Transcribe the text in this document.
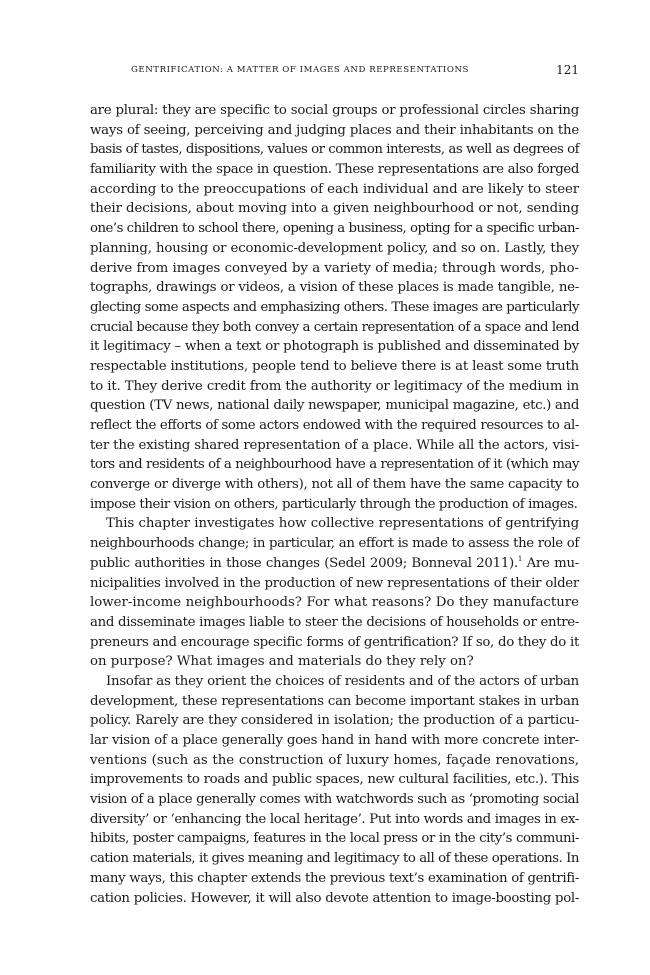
GENTRIFICATION: A MATTER OF IMAGES AND REPRESENTATIONS	121
are plural: they are specific to social groups or professional circles sharing
ways of seeing, perceiving and judging places and their inhabitants on the
basis of tastes, dispositions, values or common interests, as well as degrees of
familiarity with the space in question. These representations are also forged
according to the preoccupations of each individual and are likely to steer
their decisions, about moving into a given neighbourhood or not, sending
one’s children to school there, opening a business, opting for a specific urban-
planning, housing or economic-development policy, and so on. Lastly, they
derive from images conveyed by a variety of media; through words, pho-
tographs, drawings or videos, a vision of these places is made tangible, ne-
glecting some aspects and emphasizing others. These images are particularly
crucial because they both convey a certain representation of a space and lend
it legitimacy – when a text or photograph is published and disseminated by
respectable institutions, people tend to believe there is at least some truth
to it. They derive credit from the authority or legitimacy of the medium in
question (TV news, national daily newspaper, municipal magazine, etc.) and
reflect the efforts of some actors endowed with the required resources to al-
ter the existing shared representation of a place. While all the actors, visi-
tors and residents of a neighbourhood have a representation of it (which may
converge or diverge with others), not all of them have the same capacity to
impose their vision on others, particularly through the production of images.
This chapter investigates how collective representations of gentrifying
neighbourhoods change; in particular, an effort is made to assess the role of
public authorities in those changes (Sedel 2009; Bonneval 2011).$^1$ Are mu-
nicipalities involved in the production of new representations of their older
lower-income neighbourhoods? For what reasons? Do they manufacture
and disseminate images liable to steer the decisions of households or entre-
preneurs and encourage specific forms of gentrification? If so, do they do it
on purpose? What images and materials do they rely on?
Insofar as they orient the choices of residents and of the actors of urban
development, these representations can become important stakes in urban
policy. Rarely are they considered in isolation; the production of a particu-
lar vision of a place generally goes hand in hand with more concrete inter-
ventions (such as the construction of luxury homes, façade renovations,
improvements to roads and public spaces, new cultural facilities, etc.). This
vision of a place generally comes with watchwords such as ‘promoting social
diversity’ or ‘enhancing the local heritage’. Put into words and images in ex-
hibits, poster campaigns, features in the local press or in the city’s communi-
cation materials, it gives meaning and legitimacy to all of these operations. In
many ways, this chapter extends the previous text’s examination of gentrifi-
cation policies. However, it will also devote attention to image-boosting pol-
